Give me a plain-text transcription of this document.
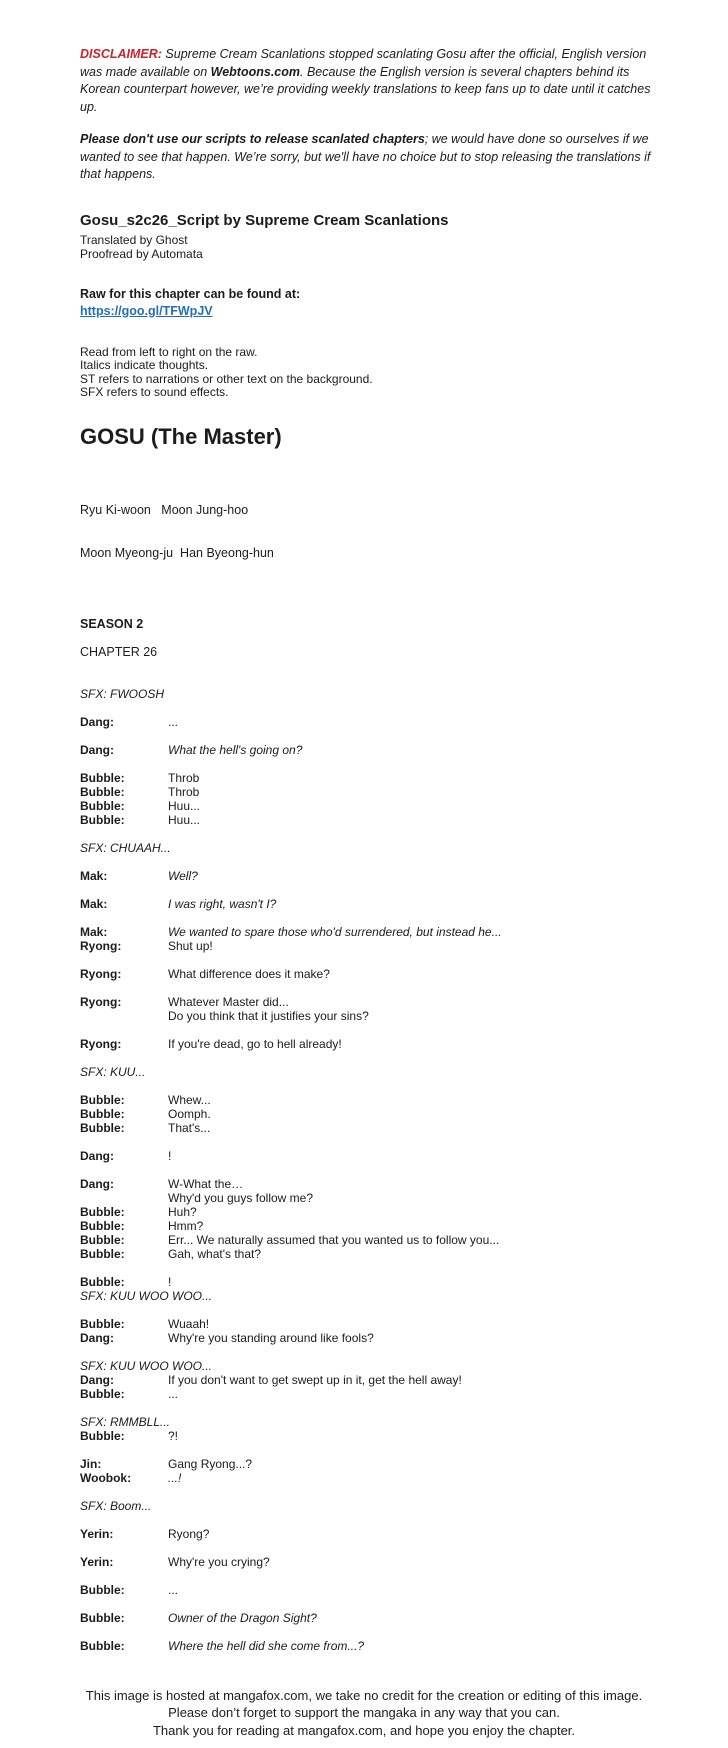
DISCLAIMER: Supreme Cream Scanlations stopped scanlating Gosu after the official, English version was made available on Webtoons.com. Because the English version is several chapters behind its Korean counterpart however, we’re providing weekly translations to keep fans up to date until it catches up.

Please don't use our scripts to release scanlated chapters; we would have done so ourselves if we wanted to see that happen. We’re sorry, but we'll have no choice but to stop releasing the translations if that happens.

Gosu_s2c26_Script by Supreme Cream Scanlations
Translated by Ghost
Proofread by Automata
Raw for this chapter can be found at:
https://goo.gl/TFWpJV
Read from left to right on the raw.
Italics indicate thoughts.
ST refers to narrations or other text on the background.
SFX refers to sound effects.
GOSU (The Master)

Ryu Ki-woon   Moon Jung-hoo

Moon Myeong-ju  Han Byeong-hun

SEASON 2
CHAPTER 26
SFX: FWOOSH
Dang:	...
Dang:	What the hell's going on?
Bubble:	Throb
Bubble:	Throb
Bubble:	Huu...
Bubble:	Huu...
SFX: CHUAAH...
Mak:	Well?
Mak:	I was right, wasn't I?
Mak:	We wanted to spare those who'd surrendered, but instead he...
Ryong:	Shut up!
Ryong:	What difference does it make?
Ryong:	Whatever Master did...
Do you think that it justifies your sins?
Ryong:	If you're dead, go to hell already!
SFX: KUU...
Bubble:	Whew...
Bubble:	Oomph.
Bubble:	That's...
Dang:	!
Dang:	W-What the…
Why'd you guys follow me?
Bubble:	Huh?
Bubble:	Hmm?
Bubble:	Err... We naturally assumed that you wanted us to follow you...
Bubble:	Gah, what's that?
Bubble:	!
SFX: KUU WOO WOO...
Bubble:	Wuaah!
Dang:	Why're you standing around like fools?
SFX: KUU WOO WOO...
Dang:	If you don't want to get swept up in it, get the hell away!
Bubble:	...
SFX: RMMBLL...
Bubble:	?!
Jin:	Gang Ryong...?
Woobok:	...!
SFX: Boom...
Yerin:	Ryong?
Yerin:	Why're you crying?
Bubble:	...
Bubble:	Owner of the Dragon Sight?
Bubble:	Where the hell did she come from...?
This image is hosted at mangafox.com, we take no credit for the creation or editing of this image.
Please don’t forget to support the mangaka in any way that you can.
Thank you for reading at mangafox.com, and hope you enjoy the chapter.
